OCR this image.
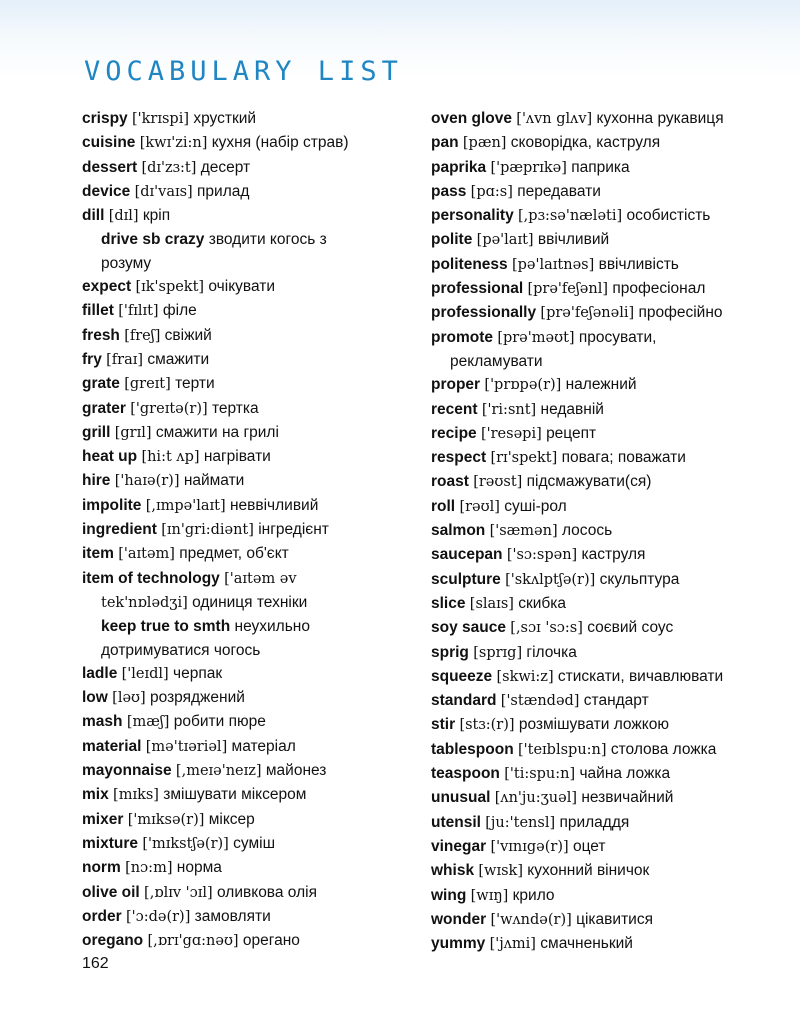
VOCABULARY LIST
crispy ['krɪspi] хрусткий
cuisine [kwɪ'zi:n] кухня (набір страв)
dessert [dɪ'zɜ:t] десерт
device [dɪ'vaɪs] прилад
dill [dɪl] кріп
drive sb crazy зводити когось з
розуму
expect [ɪk'spekt] очікувати
fillet ['fɪlɪt] філе
fresh [freʃ] свіжий
fry [fraɪ] смажити
grate [greɪt] терти
grater ['greɪtə(r)] тертка
grill [grɪl] смажити на грилі
heat up [hi:t ʌp] нагрівати
hire ['haɪə(r)] наймати
impolite [,ɪmpə'laɪt] неввічливий
ingredient [ɪn'gri:diənt] інгредієнт
item ['aɪtəm] предмет, об'єкт
item of technology ['aɪtəm əv
tek'nɒlədʒi] одиниця техніки
keep true to smth неухильно
дотримуватися чогось
ladle ['leɪdl] черпак
low [ləʊ] розряджений
mash [mæʃ] робити пюре
material [mə'tɪəriəl] матеріал
mayonnaise [,meɪə'neɪz] майонез
mix [mɪks] змішувати міксером
mixer ['mɪksə(r)] міксер
mixture ['mɪkstʃə(r)] суміш
norm [nɔ:m] норма
olive oil [,ɒlɪv 'ɔɪl] оливкова олія
order ['ɔ:də(r)] замовляти
oregano [,ɒrɪ'gɑ:nəʊ] орегано
oven glove ['ʌvn glʌv] кухонна рукавиця
pan [pæn] сковорідка, каструля
paprika ['pæprɪkə] паприка
pass [pɑ:s] передавати
personality [,pɜ:sə'næləti] особистість
polite [pə'laɪt] ввічливий
politeness [pə'laɪtnəs] ввічливість
professional [prə'feʃənl] професіонал
professionally [prə'feʃənəli] професійно
promote [prə'məʊt] просувати,
рекламувати
proper ['prɒpə(r)] належний
recent ['ri:snt] недавній
recipe ['resəpi] рецепт
respect [rɪ'spekt] повага; поважати
roast [rəʊst] підсмажувати(ся)
roll [rəʊl] суші-рол
salmon ['sæmən] лосось
saucepan ['sɔ:spən] каструля
sculpture ['skʌlptʃə(r)] скульптура
slice [slaɪs] скибка
soy sauce [,sɔɪ 'sɔ:s] соєвий соус
sprig [sprɪg] гілочка
squeeze [skwi:z] стискати, вичавлювати
standard ['stændəd] стандарт
stir [stɜ:(r)] розмішувати ложкою
tablespoon ['teɪblspu:n] столова ложка
teaspoon ['ti:spu:n] чайна ложка
unusual [ʌn'ju:ʒuəl] незвичайний
utensil [ju:'tensl] приладдя
vinegar ['vɪnɪgə(r)] оцет
whisk [wɪsk] кухонний віничок
wing [wɪŋ] крило
wonder ['wʌndə(r)] цікавитися
yummy ['jʌmi] смачненький
162
